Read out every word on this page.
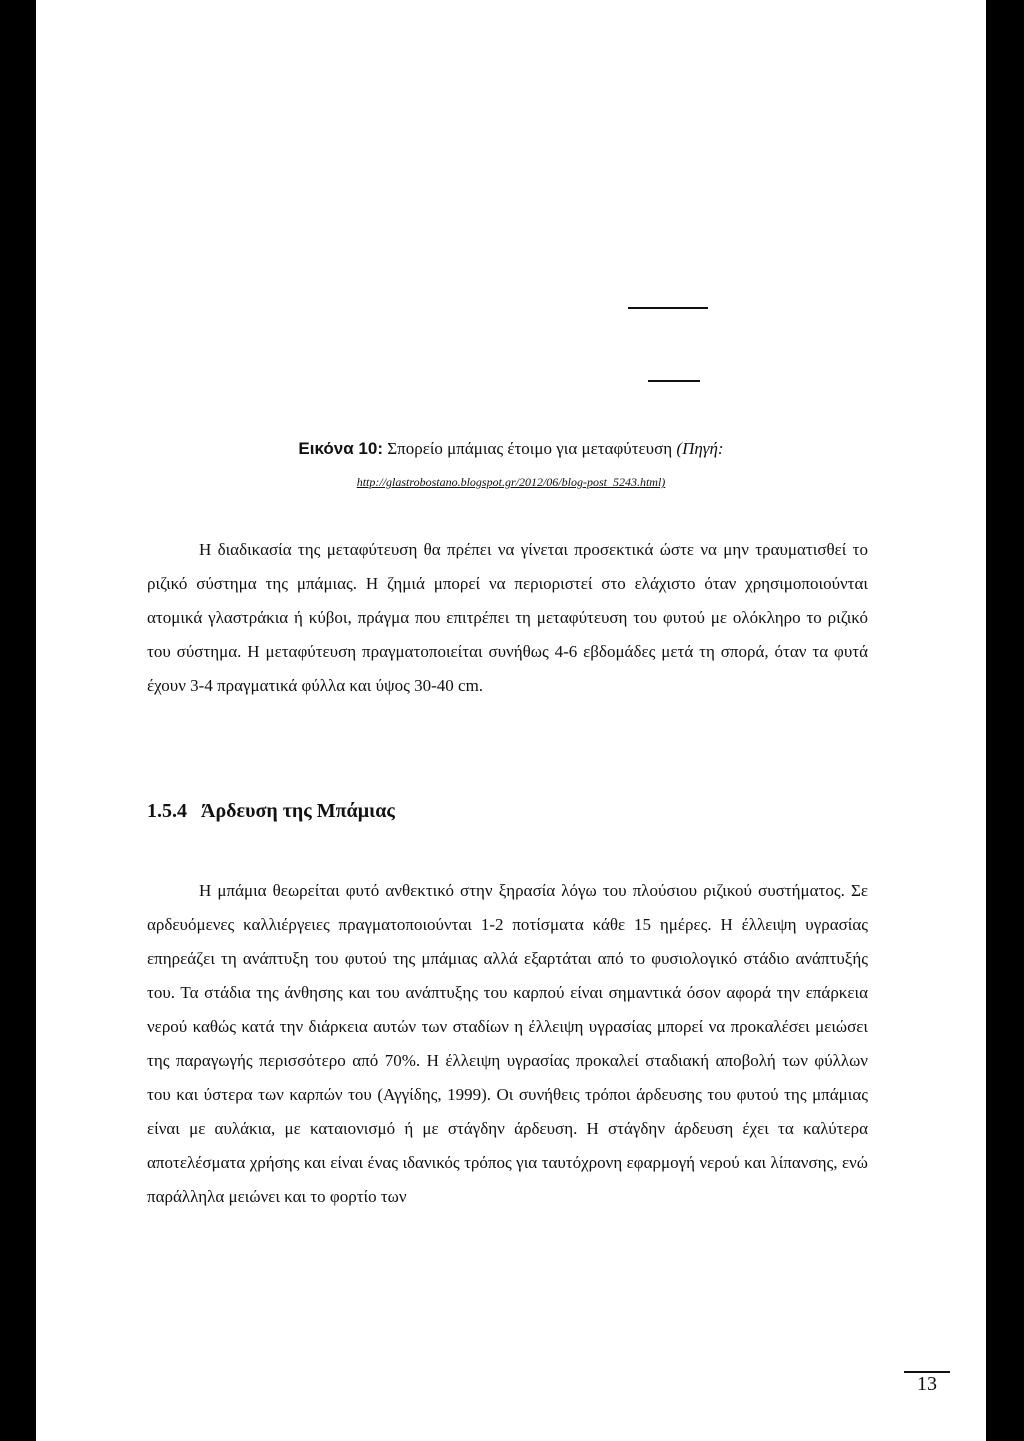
Εικόνα 10: Σπορείο μπάμιας έτοιμο για μεταφύτευση (Πηγή:
http://glastrobostano.blogspot.gr/2012/06/blog-post_5243.html)

Η διαδικασία της μεταφύτευση θα πρέπει να γίνεται προσεκτικά ώστε να μην τραυματισθεί το ριζικό σύστημα της μπάμιας. Η ζημιά μπορεί να περιοριστεί στο ελάχιστο όταν χρησιμοποιούνται ατομικά γλαστράκια ή κύβοι, πράγμα που επιτρέπει τη μεταφύτευση του φυτού με ολόκληρο το ριζικό του σύστημα. Η μεταφύτευση πραγματοποιείται συνήθως 4-6 εβδομάδες μετά τη σπορά, όταν τα φυτά έχουν 3-4 πραγματικά φύλλα και ύψος 30-40 cm.

1.5.4 Άρδευση της Μπάμιας

Η μπάμια θεωρείται φυτό ανθεκτικό στην ξηρασία λόγω του πλούσιου ριζικού συστήματος. Σε αρδευόμενες καλλιέργειες πραγματοποιούνται 1-2 ποτίσματα κάθε 15 ημέρες. Η έλλειψη υγρασίας επηρεάζει τη ανάπτυξη του φυτού της μπάμιας αλλά εξαρτάται από το φυσιολογικό στάδιο ανάπτυξής του. Τα στάδια της άνθησης και του ανάπτυξης του καρπού είναι σημαντικά όσον αφορά την επάρκεια νερού καθώς κατά την διάρκεια αυτών των σταδίων η έλλειψη υγρασίας μπορεί να προκαλέσει μειώσει της παραγωγής περισσότερο από 70%. Η έλλειψη υγρασίας προκαλεί σταδιακή αποβολή των φύλλων του και ύστερα των καρπών του (Αγγίδης, 1999). Οι συνήθεις τρόποι άρδευσης του φυτού της μπάμιας είναι με αυλάκια, με καταιονισμό ή με στάγδην άρδευση. Η στάγδην άρδευση έχει τα καλύτερα αποτελέσματα χρήσης και είναι ένας ιδανικός τρόπος για ταυτόχρονη εφαρμογή νερού και λίπανσης, ενώ παράλληλα μειώνει και το φορτίο των

13
